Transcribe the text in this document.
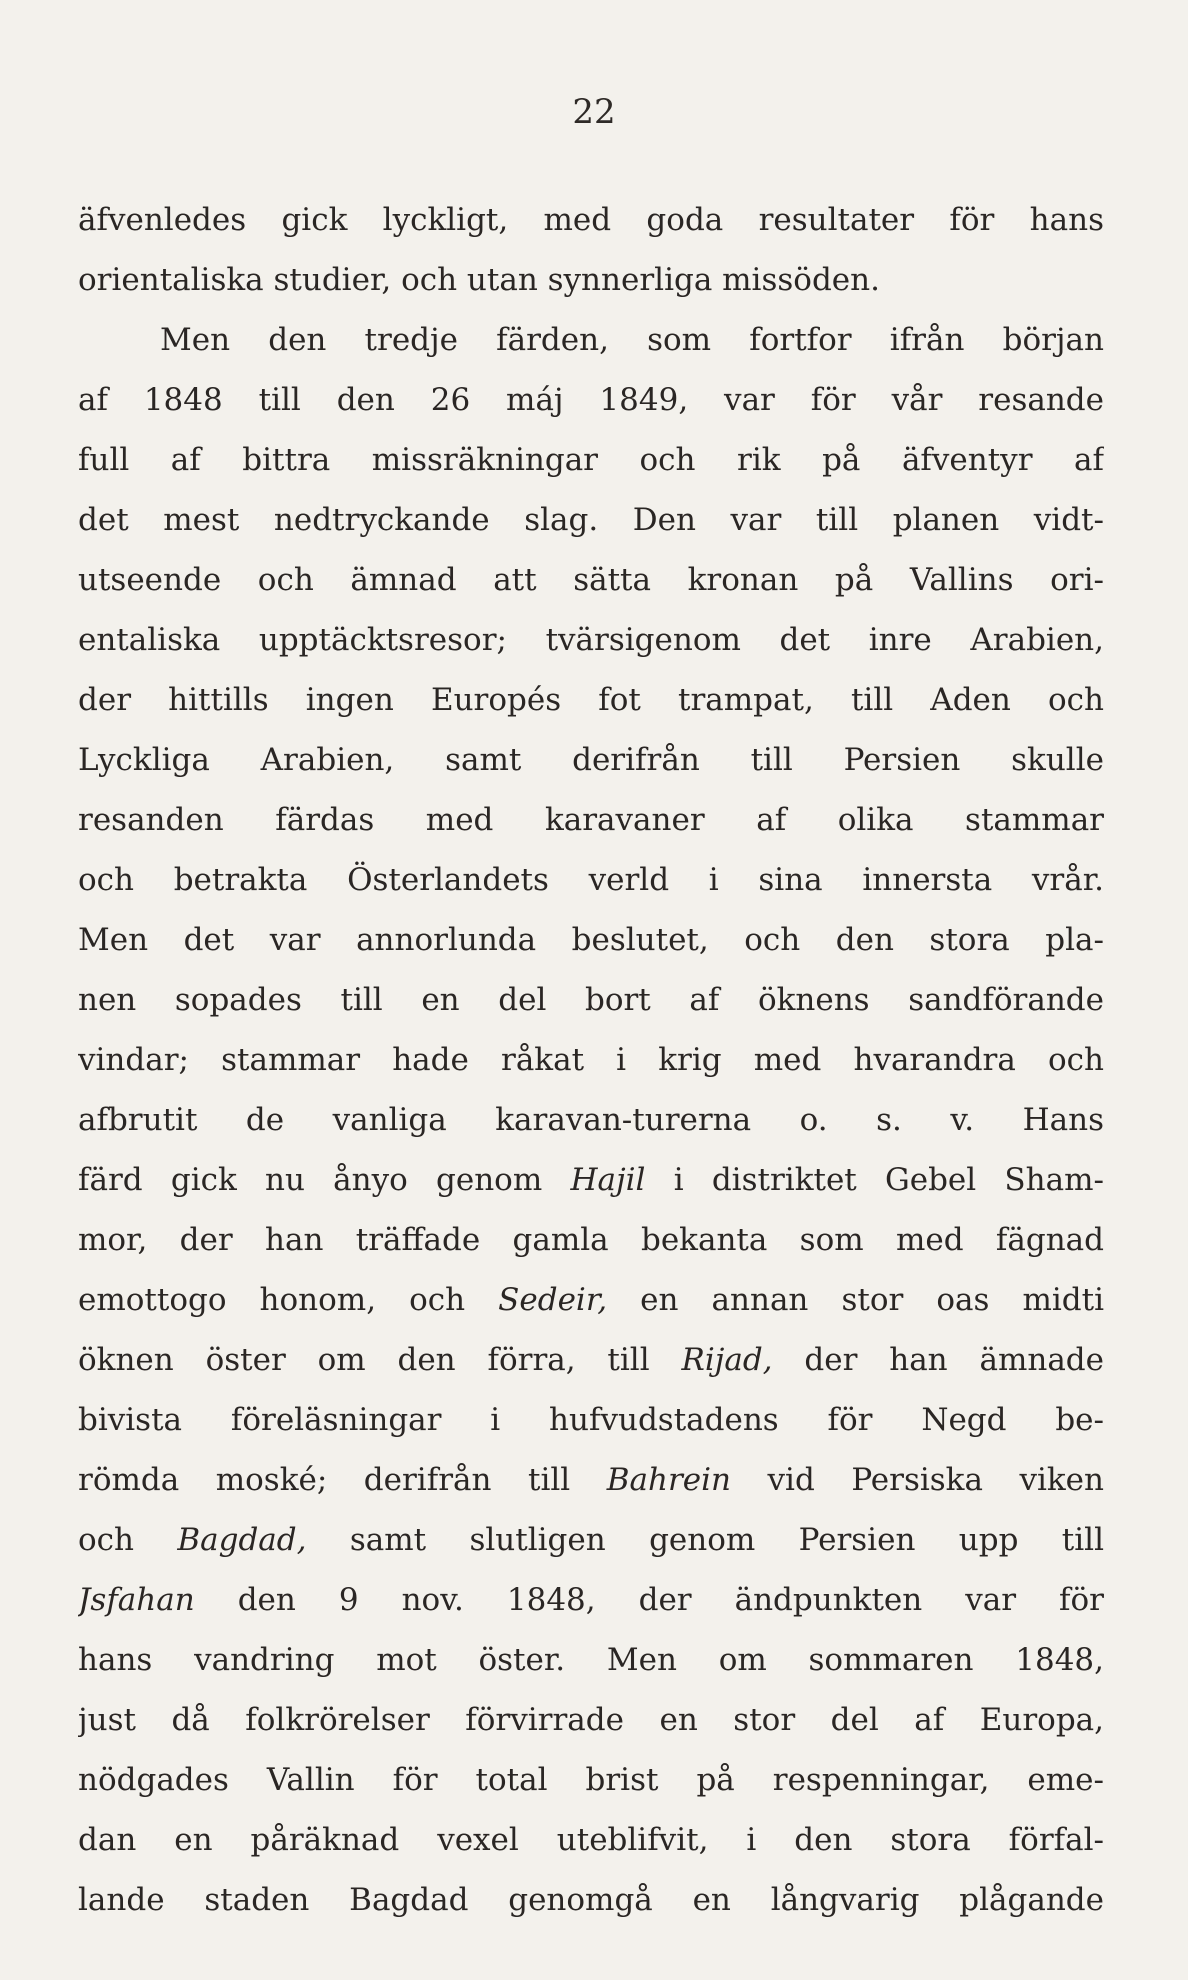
22
äfvenledes gick lyckligt, med goda resultater för hans
orientaliska studier, och utan synnerliga missöden.
Men den tredje färden, som fortfor ifrån början
af 1848 till den 26 máj 1849, var för vår resande
full af bittra missräkningar och rik på äfventyr af
det mest nedtryckande slag. Den var till planen vidt-
utseende och ämnad att sätta kronan på Vallins ori-
entaliska upptäcktsresor; tvärsigenom det inre Arabien,
der hittills ingen Europés fot trampat, till Aden och
Lyckliga Arabien, samt derifrån till Persien skulle
resanden färdas med karavaner af olika stammar
och betrakta Österlandets verld i sina innersta vrår.
Men det var annorlunda beslutet, och den stora pla-
nen sopades till en del bort af öknens sandförande
vindar; stammar hade råkat i krig med hvarandra och
afbrutit de vanliga karavan-turerna o. s. v. Hans
färd gick nu ånyo genom Hajil i distriktet Gebel Sham-
mor, der han träffade gamla bekanta som med fägnad
emottogo honom, och Sedeir, en annan stor oas midti
öknen öster om den förra, till Rijad, der han ämnade
bivista föreläsningar i hufvudstadens för Negd be-
römda moské; derifrån till Bahrein vid Persiska viken
och Bagdad, samt slutligen genom Persien upp till
Jsfahan den 9 nov. 1848, der ändpunkten var för
hans vandring mot öster. Men om sommaren 1848,
just då folkrörelser förvirrade en stor del af Europa,
nödgades Vallin för total brist på respenningar, eme-
dan en påräknad vexel uteblifvit, i den stora förfal-
lande staden Bagdad genomgå en långvarig plågande
